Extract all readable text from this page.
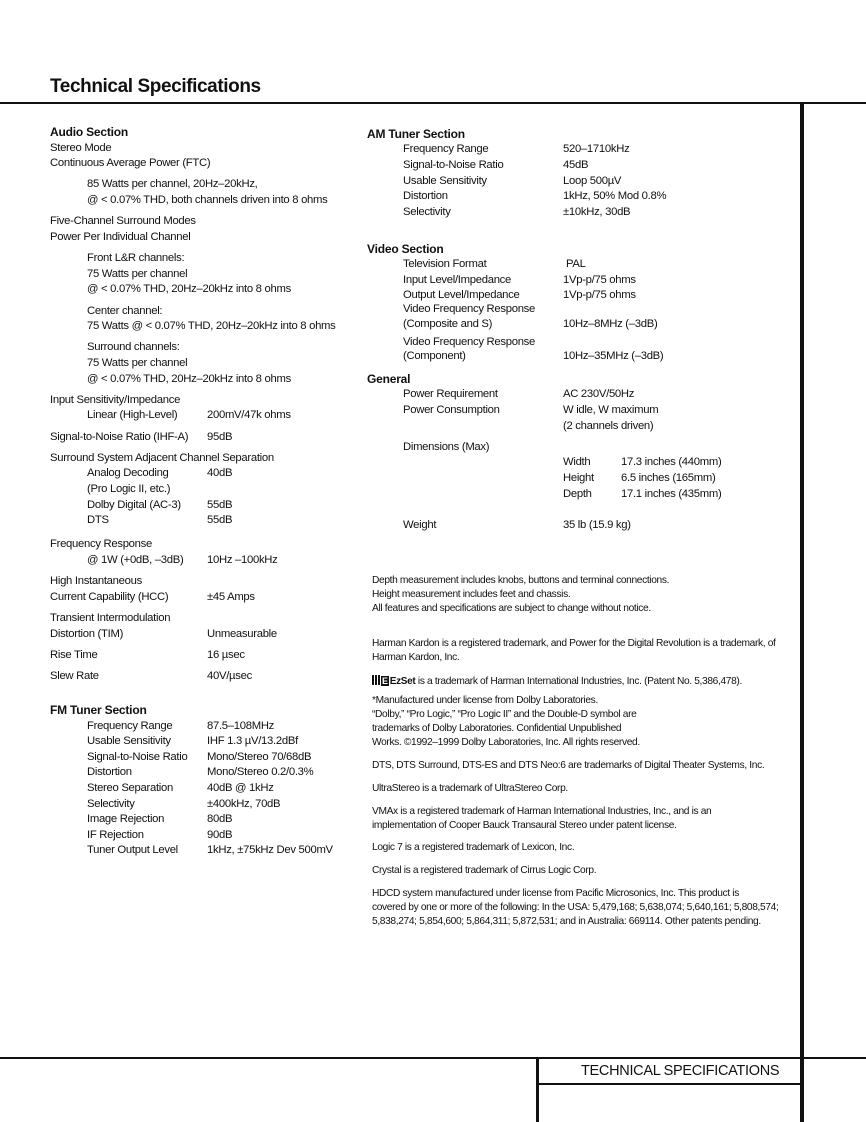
Technical Specifications
TECHNICAL SPECIFICATIONS
Audio Section
Stereo Mode
Continuous Average Power (FTC)
85 Watts per channel, 20Hz–20kHz,
@ < 0.07% THD, both channels driven into 8 ohms
Five-Channel Surround Modes
Power Per Individual Channel
Front L&R channels:
75 Watts per channel
@ < 0.07% THD, 20Hz–20kHz into 8 ohms
Center channel:
75 Watts @ < 0.07% THD, 20Hz–20kHz into 8 ohms
Surround channels:
75 Watts per channel
@ < 0.07% THD, 20Hz–20kHz into 8 ohms
Input Sensitivity/Impedance
Linear (High-Level)	200mV/47k ohms
Signal-to-Noise Ratio (IHF-A) 95dB
Surround System Adjacent Channel Separation
Analog Decoding	40dB
(Pro Logic II, etc.)
Dolby Digital (AC-3) 55dB
DTS	55dB
Frequency Response
@ 1W (+0dB, –3dB) 10Hz –100kHz
High Instantaneous
Current Capability (HCC)	±45 Amps
Transient Intermodulation
Distortion (TIM)	Unmeasurable
Rise Time	16 µsec
Slew Rate	40V/µsec
FM Tuner Section
Frequency Range	87.5–108MHz
Usable Sensitivity	IHF 1.3 µV/13.2dBf
Signal-to-Noise Ratio Mono/Stereo 70/68dB
Distortion	Mono/Stereo 0.2/0.3%
Stereo Separation	40dB @ 1kHz
Selectivity	±400kHz, 70dB
Image Rejection	80dB
IF Rejection	90dB
Tuner Output Level	1kHz, ±75kHz Dev 500mV
AM Tuner Section
Frequency Range	520–1710kHz
Signal-to-Noise Ratio	45dB
Usable Sensitivity	Loop 500µV
Distortion	1kHz, 50% Mod 0.8%
Selectivity	±10kHz, 30dB
Video Section
Television Format	PAL
Input Level/Impedance	1Vp-p/75 ohms
Output Level/Impedance	1Vp-p/75 ohms
Video Frequency Response
(Composite and S)	10Hz–8MHz (–3dB)
Video Frequency Response
(Component)	10Hz–35MHz (–3dB)
General
Power Requirement	AC 230V/50Hz
Power Consumption	W idle, W maximum
(2 channels driven)
Dimensions (Max)
Width	17.3 inches (440mm)
Height 6.5 inches (165mm)
Depth	17.1 inches (435mm)
Weight	35 lb (15.9 kg)
Depth measurement includes knobs, buttons and terminal connections.
Height measurement includes feet and chassis.
All features and specifications are subject to change without notice.
Harman Kardon is a registered trademark, and Power for the Digital Revolution is a trademark, of
Harman Kardon, Inc.
E EzSet is a trademark of Harman International Industries, Inc. (Patent No. 5,386,478).
*Manufactured under license from Dolby Laboratories.
“Dolby,” “Pro Logic,” “Pro Logic II” and the Double-D symbol are
trademarks of Dolby Laboratories. Confidential Unpublished
Works. ©1992–1999 Dolby Laboratories, Inc. All rights reserved.
DTS, DTS Surround, DTS-ES and DTS Neo:6 are trademarks of Digital Theater Systems, Inc.
UltraStereo is a trademark of UltraStereo Corp.
VMAx is a registered trademark of Harman International Industries, Inc., and is an
implementation of Cooper Bauck Transaural Stereo under patent license.
Logic 7 is a registered trademark of Lexicon, Inc.
Crystal is a registered trademark of Cirrus Logic Corp.
HDCD system manufactured under license from Pacific Microsonics, Inc. This product is
covered by one or more of the following: In the USA: 5,479,168; 5,638,074; 5,640,161; 5,808,574;
5,838,274; 5,854,600; 5,864,311; 5,872,531; and in Australia: 669114. Other patents pending.
